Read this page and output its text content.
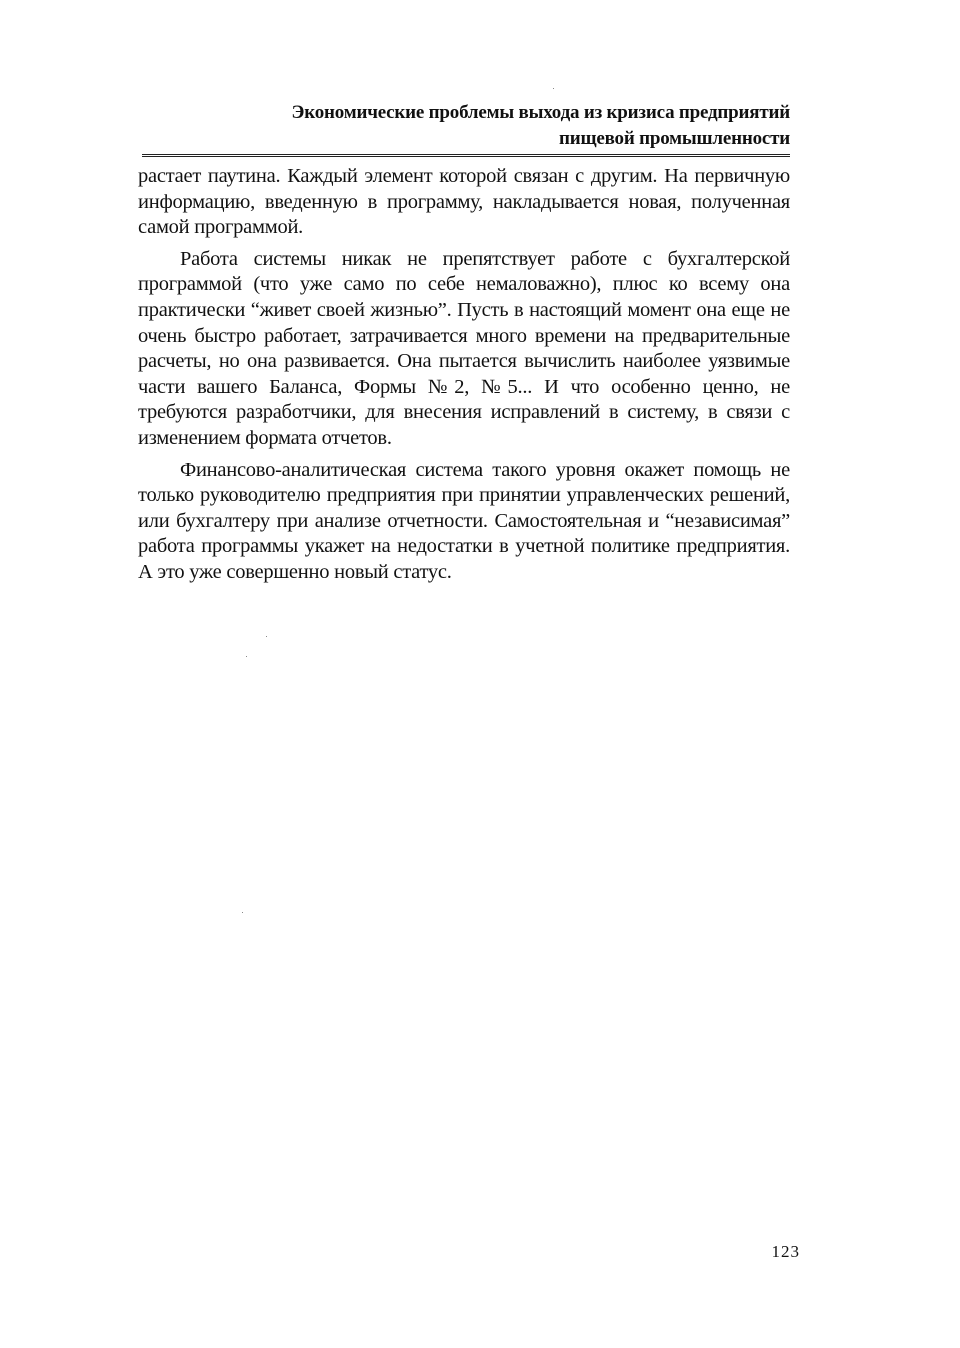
Экономические проблемы выхода из кризиса предприятий
пищевой промышленности

растает паутина. Каждый элемент которой связан с другим. На первичную информацию, введенную в программу, накладывается новая, полученная самой программой.

Работа системы никак не препятствует работе с бухгалтерской программой (что уже само по себе немаловажно), плюс ко всему она практически “живет своей жизнью”. Пусть в настоящий момент она еще не очень быстро работает, затрачивается много времени на предварительные расчеты, но она развивается. Она пытается вычислить наиболее уязвимые части вашего Баланса, Формы №2, №5... И что особенно ценно, не требуются разработчики, для внесения исправлений в систему, в связи с изменением формата отчетов.

Финансово-аналитическая система такого уровня окажет помощь не только руководителю предприятия при принятии управленческих решений, или бухгалтеру при анализе отчетности. Самостоятельная и “независимая” работа программы укажет на недостатки в учетной политике предприятия. А это уже совершенно новый статус.

123
